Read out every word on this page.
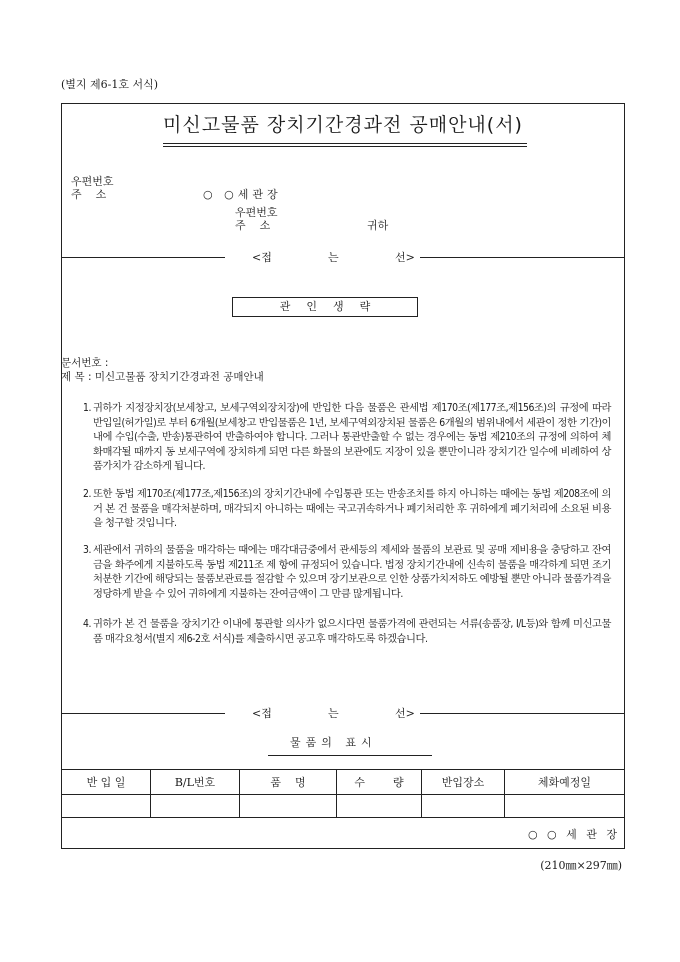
(별지 제6-1호 서식)
미신고물품 장치기간경과전 공매안내(서)
우편번호
주    소	○ ○세관장
우편번호
주    소	귀하
<접	는	선>
관인생략
문서번호 :
제 목 : 미신고물품 장치기간경과전 공매안내
1. 귀하가 지정장치장(보세창고, 보세구역외장치장)에 반입한 다음 물품은 관세법 제170조(제177조,제156조)의 규정에 따라 반입일(허가일)로 부터 6개월(보세창고 반입물품은 1년, 보세구역외장치된 물품은 6개월의 범위내에서 세관이 정한 기간)이내에 수입(수출, 반송)통관하여 반출하여야 합니다. 그러나 통관반출할 수 없는 경우에는 동법 제210조의 규정에 의하여 체화매각될 때까지 동 보세구역에 장치하게 되면 다른 화물의 보관에도 지장이 있을 뿐만이니라 장치기간 일수에 비례하여 상품가치가 감소하게 됩니다.
2. 또한 동법 제170조(제177조,제156조)의 장치기간내에 수입통관 또는 반송조치를 하지 아니하는 때에는 동법 제208조에 의거 본 건 물품을 매각처분하며, 매각되지 아니하는 때에는 국고귀속하거나 폐기처리한 후 귀하에게 폐기처리에 소요된 비용을 청구할 것입니다.
3. 세관에서 귀하의 물품을 매각하는 때에는 매각대금중에서 관세등의 제세와 물품의 보관료 및 공매 제비용을 충당하고 잔여금을 화주에게 지불하도록 동법 제211조 제 항에 규정되어 있습니다. 법정 장치기간내에 신속히 물품을 매각하게 되면 조기처분한 기간에 해당되는 물품보관료를 절감할 수 있으며 장기보관으로 인한 상품가치저하도 예방될 뿐만 아니라 물품가격을 정당하게 받을 수 있어 귀하에게 지불하는 잔여금액이 그 만큼 많게됩니다.
4. 귀하가 본 건 물품을 장치기간 이내에 통관할 의사가 없으시다면 물품가격에 관련되는 서류(송품장, I/L등)와 함께 미신고물품 매각요청서(별지 제6-2호 서식)를 제출하시면 공고후 매각하도록 하겠습니다.
<접	는	선>
물품의 표시
반 입 일	B/L번호	품    명	수        량	반입장소	체화예정일

○ ○ 세 관 장
(210㎜×297㎜)
